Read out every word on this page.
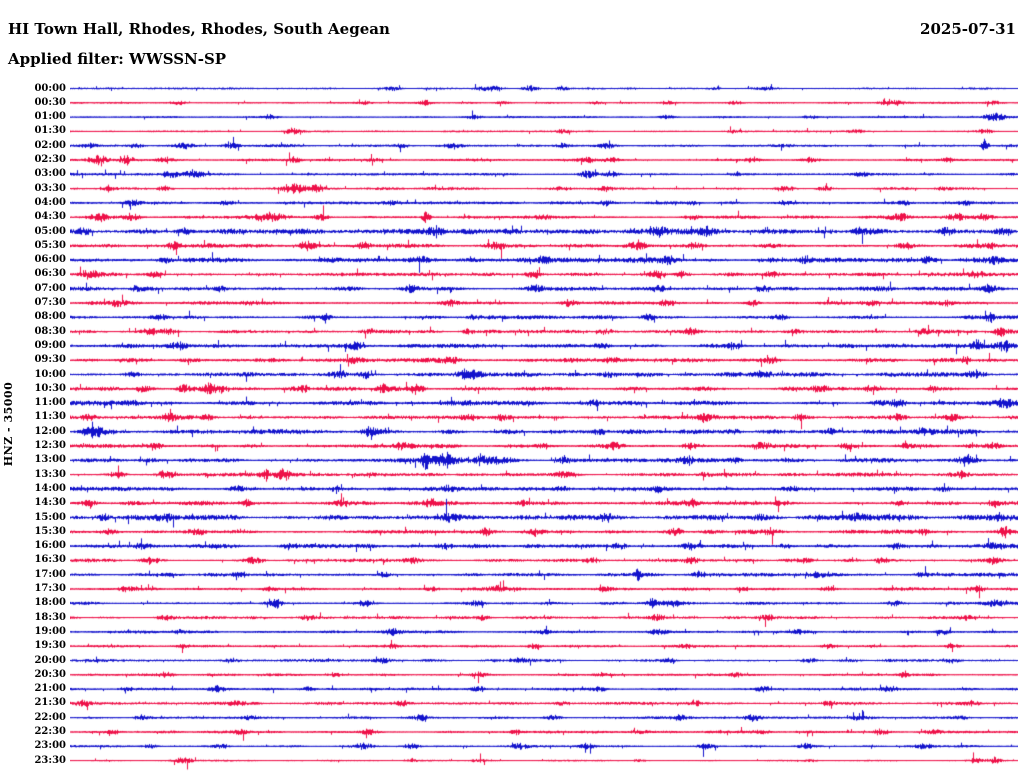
HI Town Hall, Rhodes, Rhodes, South Aegean	2025-07-31
Applied filter: WWSSN-SP
HNZ - 35000
00:00
00:30
01:00
01:30
02:00
02:30
03:00
03:30
04:00
04:30
05:00
05:30
06:00
06:30
07:00
07:30
08:00
08:30
09:00
09:30
10:00
10:30
11:00
11:30
12:00
12:30
13:00
13:30
14:00
14:30
15:00
15:30
16:00
16:30
17:00
17:30
18:00
18:30
19:00
19:30
20:00
20:30
21:00
21:30
22:00
22:30
23:00
23:30
